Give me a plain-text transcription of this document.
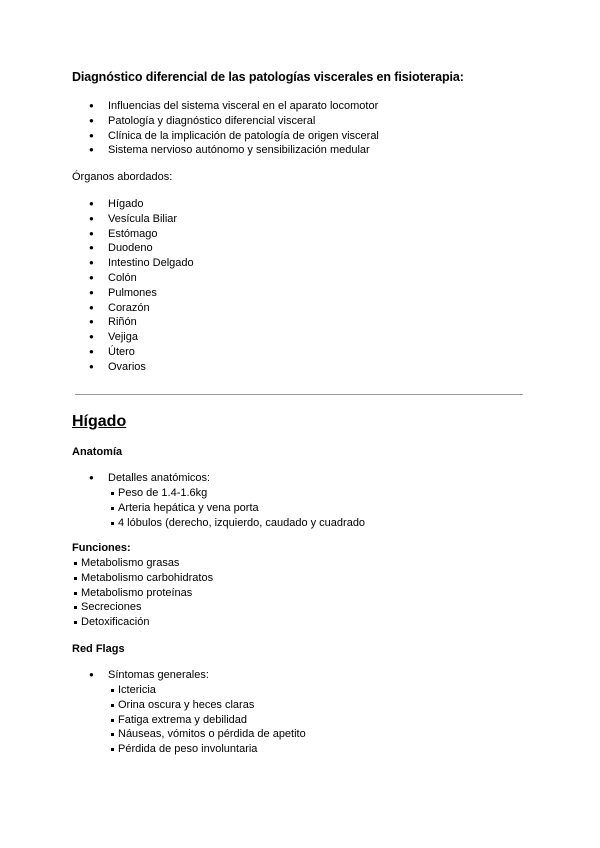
Diagnóstico diferencial de las patologías viscerales en fisioterapia:
● Influencias del sistema visceral en el aparato locomotor
● Patología y diagnóstico diferencial visceral
● Clínica de la implicación de patología de origen visceral
● Sistema nervioso autónomo y sensibilización medular
Órganos abordados:
● Hígado
● Vesícula Biliar
● Estómago
● Duodeno
● Intestino Delgado
● Colón
● Pulmones
● Corazón
● Riñón
● Vejiga
● Útero
● Ovarios
Hígado
Anatomía
● Detalles anatómicos:
Peso de 1.4-1.6kg
Arteria hepática y vena porta
4 lóbulos (derecho, izquierdo, caudado y cuadrado
Funciones:
Metabolismo grasas
Metabolismo carbohidratos
Metabolismo proteínas
Secreciones
Detoxificación
Red Flags
● Síntomas generales:
Ictericia
Orina oscura y heces claras
Fatiga extrema y debilidad
Náuseas, vómitos o pérdida de apetito
Pérdida de peso involuntaria
